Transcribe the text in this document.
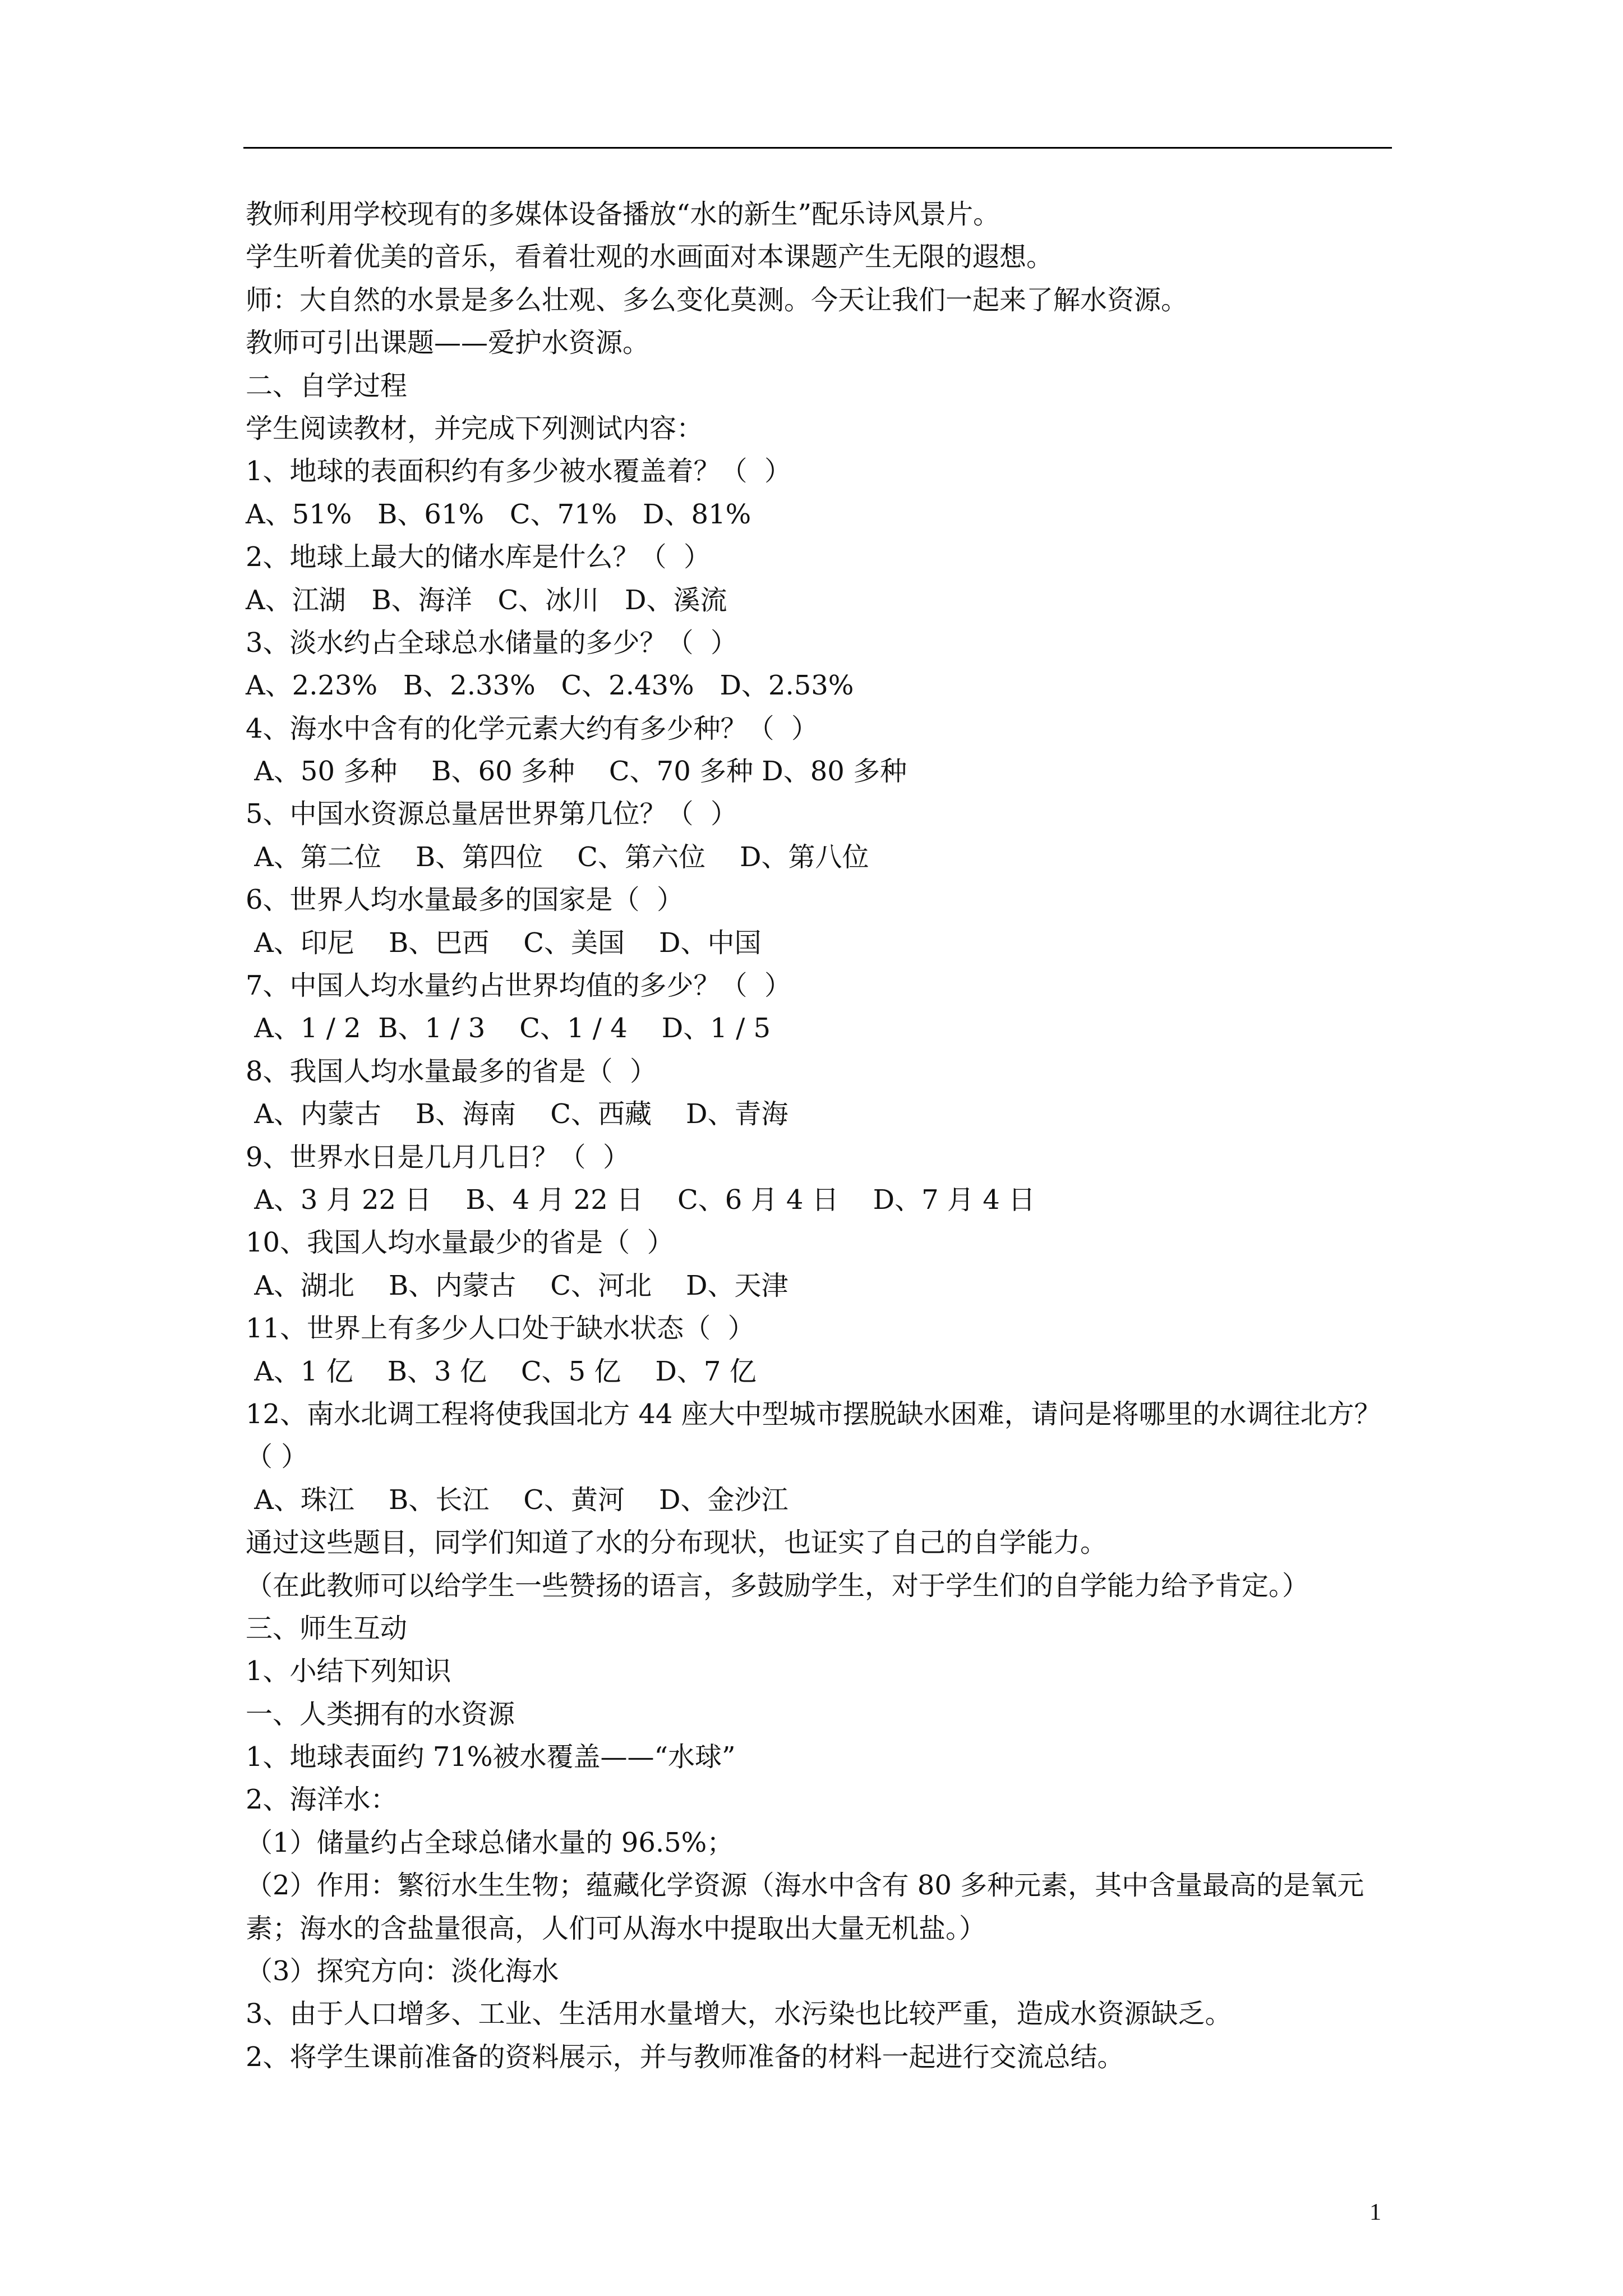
教师利用学校现有的多媒体设备播放“水的新生”配乐诗风景片。
学生听着优美的音乐，看着壮观的水画面对本课题产生无限的遐想。
师：大自然的水景是多么壮观、多么变化莫测。今天让我们一起来了解水资源。
教师可引出课题——爱护水资源。
二、自学过程
学生阅读教材，并完成下列测试内容：
1、地球的表面积约有多少被水覆盖着？（  ）
A、51%   B、61%   C、71%   D、81%
2、地球上最大的储水库是什么？（  ）
A、江湖   B、海洋   C、冰川   D、溪流
3、淡水约占全球总水储量的多少？（  ）
A、2.23%   B、2.33%   C、2.43%   D、2.53%
4、海水中含有的化学元素大约有多少种？（  ）
A、50 多种    B、60 多种    C、70 多种 D、80 多种
5、中国水资源总量居世界第几位？（  ）
A、第二位    B、第四位    C、第六位    D、第八位
6、世界人均水量最多的国家是（  ）
A、印尼    B、巴西    C、美国    D、中国
7、中国人均水量约占世界均值的多少？（  ）
A、1 / 2  B、1 / 3    C、1 / 4    D、1 / 5
8、我国人均水量最多的省是（  ）
A、内蒙古    B、海南    C、西藏    D、青海
9、世界水日是几月几日？（  ）
A、3 月 22 日    B、4 月 22 日    C、6 月 4 日    D、7 月 4 日
10、我国人均水量最少的省是（  ）
A、湖北    B、内蒙古    C、河北    D、天津
11、世界上有多少人口处于缺水状态（  ）
A、1 亿    B、3 亿    C、5 亿    D、7 亿
12、南水北调工程将使我国北方 44 座大中型城市摆脱缺水困难，请问是将哪里的水调往北方？（ ）
A、珠江    B、长江    C、黄河    D、金沙江
通过这些题目，同学们知道了水的分布现状，也证实了自己的自学能力。
（在此教师可以给学生一些赞扬的语言，多鼓励学生，对于学生们的自学能力给予肯定。）
三、师生互动
1、小结下列知识
一、人类拥有的水资源
1、地球表面约 71%被水覆盖——“水球”
2、海洋水：
（1）储量约占全球总储水量的 96.5%；
（2）作用：繁衍水生生物；蕴藏化学资源（海水中含有 80 多种元素，其中含量最高的是氧元素；海水的含盐量很高，人们可从海水中提取出大量无机盐。）
（3）探究方向：淡化海水
3、由于人口增多、工业、生活用水量增大，水污染也比较严重，造成水资源缺乏。
2、将学生课前准备的资料展示，并与教师准备的材料一起进行交流总结。
1
